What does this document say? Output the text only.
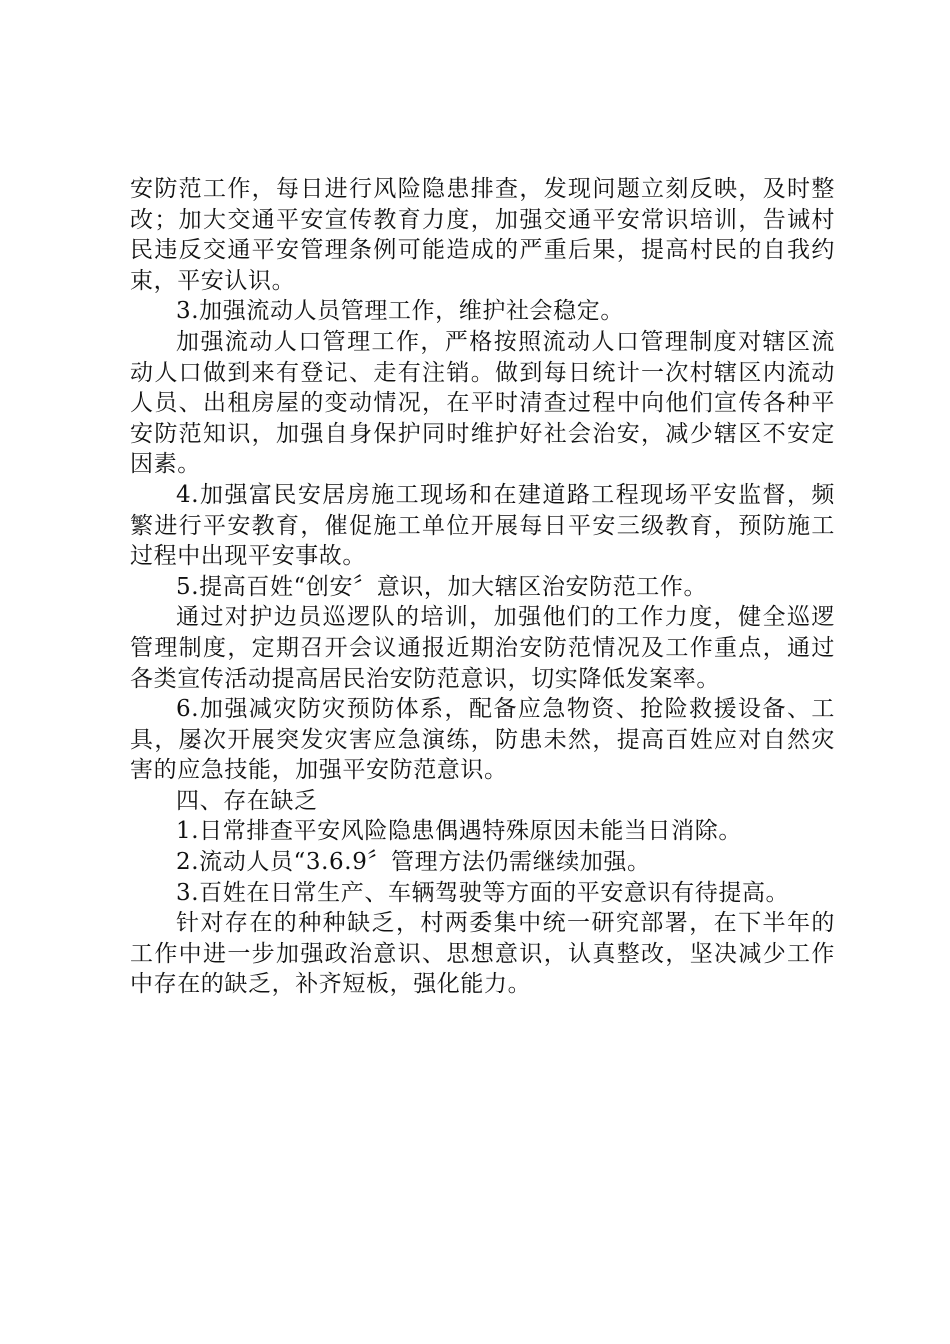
安防范工作，每日进行风险隐患排查，发现问题立刻反映，及时整改；加大交通平安宣传教育力度，加强交通平安常识培训，告诫村民违反交通平安管理条例可能造成的严重后果，提高村民的自我约束，平安认识。

3.加强流动人员管理工作，维护社会稳定。

加强流动人口管理工作，严格按照流动人口管理制度对辖区流动人口做到来有登记、走有注销。做到每日统计一次村辖区内流动人员、出租房屋的变动情况，在平时清查过程中向他们宣传各种平安防范知识，加强自身保护同时维护好社会治安，减少辖区不安定因素。

4.加强富民安居房施工现场和在建道路工程现场平安监督，频繁进行平安教育，催促施工单位开展每日平安三级教育，预防施工过程中出现平安事故。

5.提高百姓“创安〞意识，加大辖区治安防范工作。

通过对护边员巡逻队的培训，加强他们的工作力度，健全巡逻管理制度，定期召开会议通报近期治安防范情况及工作重点，通过各类宣传活动提高居民治安防范意识，切实降低发案率。

6.加强减灾防灾预防体系，配备应急物资、抢险救援设备、工具，屡次开展突发灾害应急演练，防患未然，提高百姓应对自然灾害的应急技能，加强平安防范意识。

四、存在缺乏

1.日常排查平安风险隐患偶遇特殊原因未能当日消除。

2.流动人员“3.6.9〞管理方法仍需继续加强。

3.百姓在日常生产、车辆驾驶等方面的平安意识有待提高。

针对存在的种种缺乏，村两委集中统一研究部署，在下半年的工作中进一步加强政治意识、思想意识，认真整改，坚决减少工作中存在的缺乏，补齐短板，强化能力。
